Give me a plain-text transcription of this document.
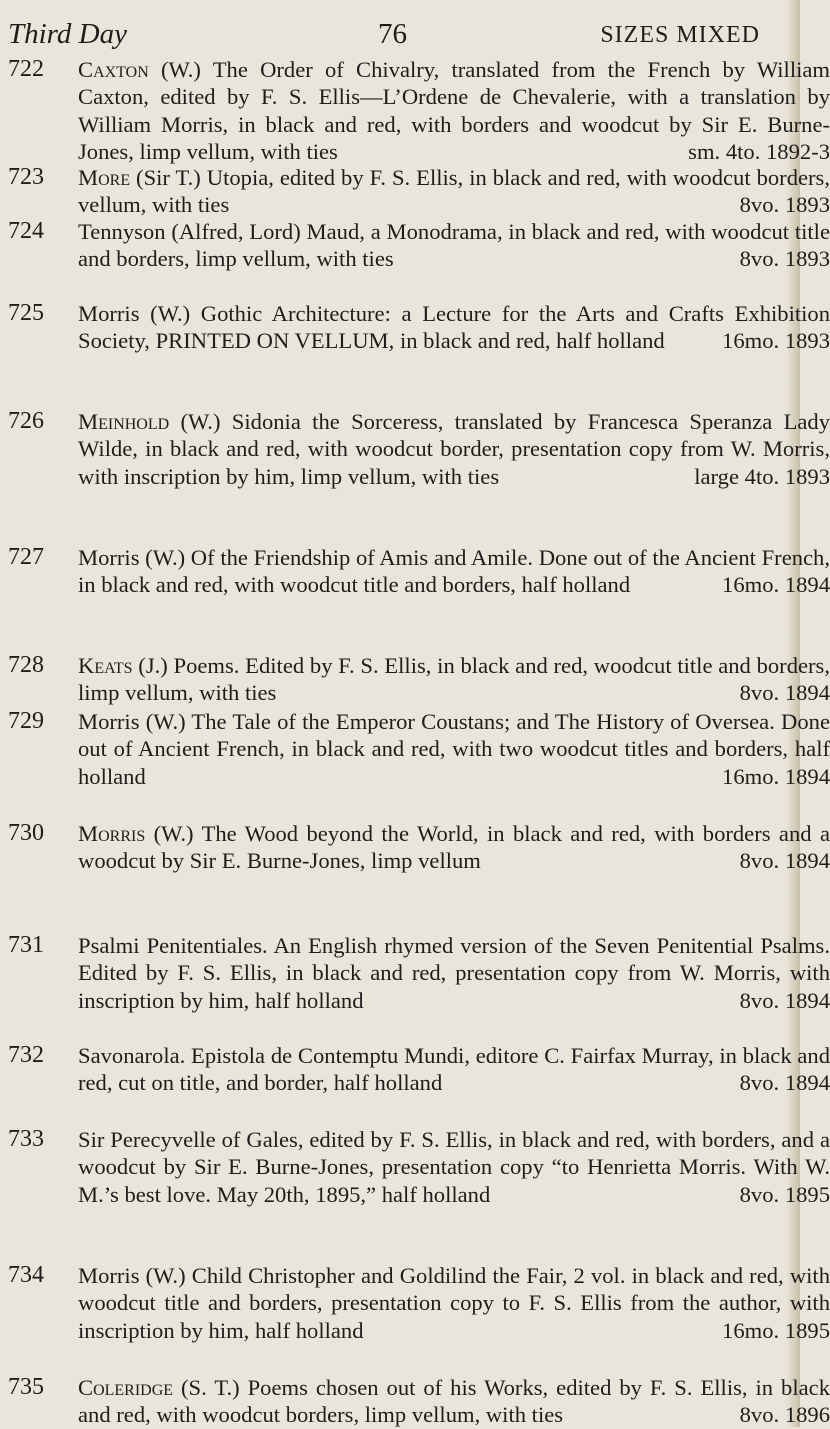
Third Day	76	SIZES MIXED
722	Caxton (W.) The Order of Chivalry, translated from the French by William Caxton, edited by F. S. Ellis—L’Ordene de Chevalerie, with a translation by William Morris, in black and red, with borders and woodcut by Sir E. Burne-Jones, limp vellum, with ties	sm. 4to. 1892-3
723	More (Sir T.) Utopia, edited by F. S. Ellis, in black and red, with woodcut borders, vellum, with ties	8vo. 1893
724	Tennyson (Alfred, Lord) Maud, a Monodrama, in black and red, with woodcut title and borders, limp vellum, with ties	8vo. 1893
725	Morris (W.) Gothic Architecture: a Lecture for the Arts and Crafts Exhibition Society, PRINTED ON VELLUM, in black and red, half holland	16mo. 1893
726	Meinhold (W.) Sidonia the Sorceress, translated by Francesca Speranza Lady Wilde, in black and red, with woodcut border, presentation copy from W. Morris, with inscription by him, limp vellum, with ties	large 4to. 1893
727	Morris (W.) Of the Friendship of Amis and Amile. Done out of the Ancient French, in black and red, with woodcut title and borders, half holland	16mo. 1894
728	Keats (J.) Poems. Edited by F. S. Ellis, in black and red, woodcut title and borders, limp vellum, with ties	8vo. 1894
729	Morris (W.) The Tale of the Emperor Coustans; and The History of Oversea. Done out of Ancient French, in black and red, with two woodcut titles and borders, half holland	16mo. 1894
730	Morris (W.) The Wood beyond the World, in black and red, with borders and a woodcut by Sir E. Burne-Jones, limp vellum	8vo. 1894
731	Psalmi Penitentiales. An English rhymed version of the Seven Penitential Psalms. Edited by F. S. Ellis, in black and red, presentation copy from W. Morris, with inscription by him, half holland	8vo. 1894
732	Savonarola. Epistola de Contemptu Mundi, editore C. Fairfax Murray, in black and red, cut on title, and border, half holland	8vo. 1894
733	Sir Perecyvelle of Gales, edited by F. S. Ellis, in black and red, with borders, and a woodcut by Sir E. Burne-Jones, presentation copy “to Henrietta Morris. With W. M.’s best love. May 20th, 1895,” half holland	8vo. 1895
734	Morris (W.) Child Christopher and Goldilind the Fair, 2 vol. in black and red, with woodcut title and borders, presentation copy to F. S. Ellis from the author, with inscription by him, half holland	16mo. 1895
735	Coleridge (S. T.) Poems chosen out of his Works, edited by F. S. Ellis, in black and red, with woodcut borders, limp vellum, with ties	8vo. 1896
